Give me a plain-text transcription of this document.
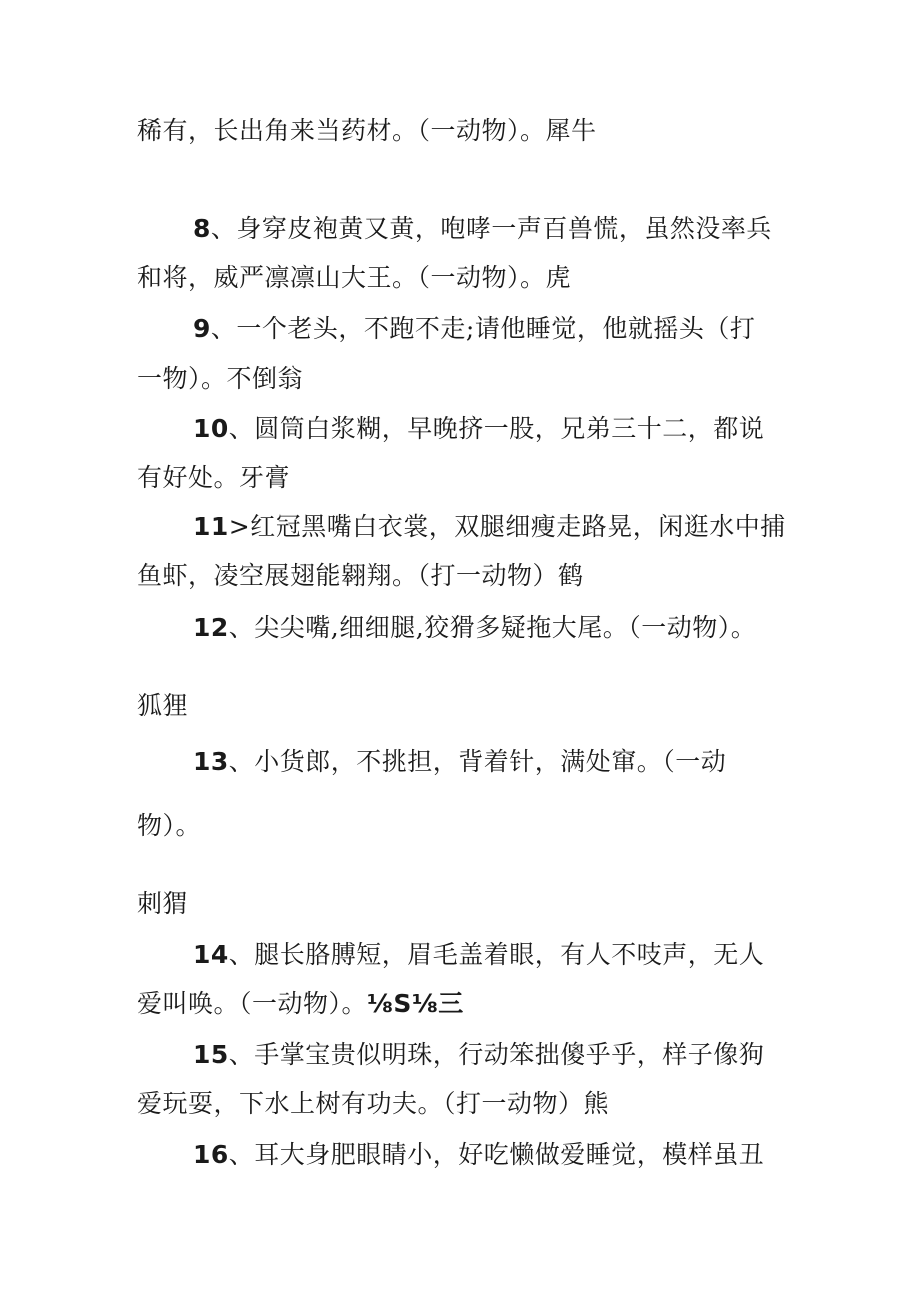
稀有，长出角来当药材。（一动物）。犀牛
8、身穿皮袍黄又黄，咆哮一声百兽慌，虽然没率兵
和将，威严凛凛山大王。（一动物）。虎
9、一个老头，不跑不走;请他睡觉，他就摇头（打
一物）。不倒翁
10、圆筒白浆糊，早晚挤一股，兄弟三十二，都说
有好处。牙膏
11>红冠黑嘴白衣裳，双腿细瘦走路晃，闲逛水中捕
鱼虾，凌空展翅能翱翔。（打一动物）鹤
12、尖尖嘴,细细腿,狡猾多疑拖大尾。（一动物）。
狐狸
13、小货郎，不挑担，背着针，满处窜。（一动
物）。
刺猬
14、腿长胳膊短，眉毛盖着眼，有人不吱声，无人
爱叫唤。（一动物）。⅛S⅛三
15、手掌宝贵似明珠，行动笨拙傻乎乎，样子像狗
爱玩耍，下水上树有功夫。（打一动物）熊
16、耳大身肥眼睛小，好吃懒做爱睡觉，模样虽丑
